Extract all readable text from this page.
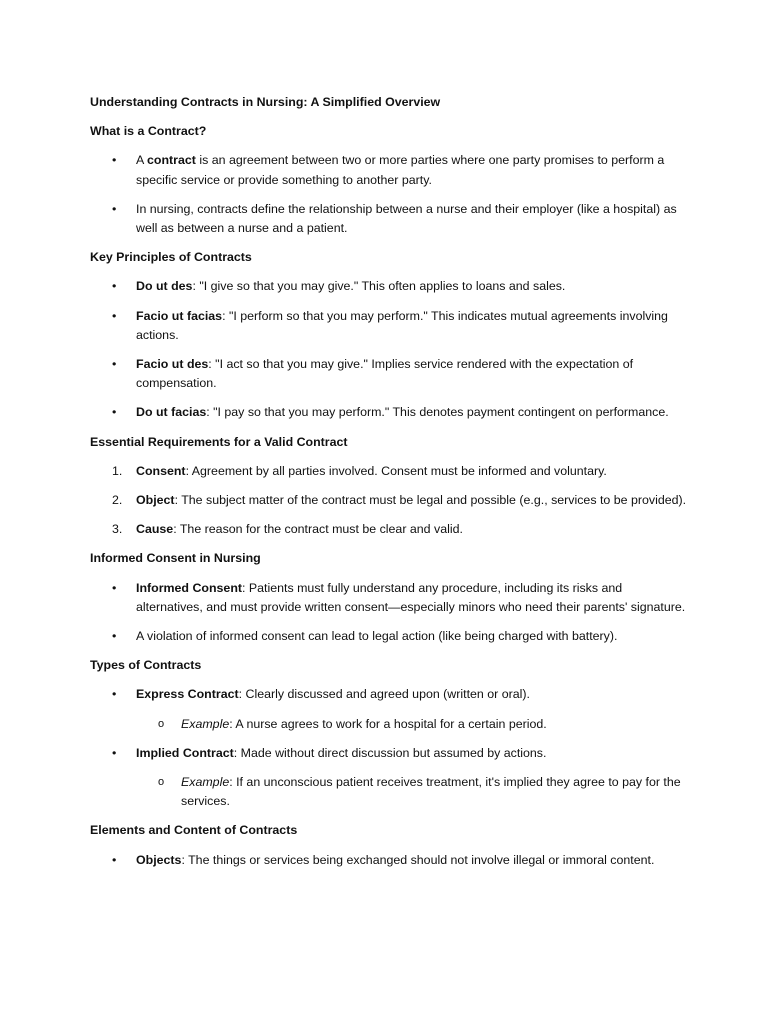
Understanding Contracts in Nursing: A Simplified Overview
What is a Contract?
• A contract is an agreement between two or more parties where one party promises to perform a specific service or provide something to another party.
• In nursing, contracts define the relationship between a nurse and their employer (like a hospital) as well as between a nurse and a patient.
Key Principles of Contracts
• Do ut des: "I give so that you may give." This often applies to loans and sales.
• Facio ut facias: "I perform so that you may perform." This indicates mutual agreements involving actions.
• Facio ut des: "I act so that you may give." Implies service rendered with the expectation of compensation.
• Do ut facias: "I pay so that you may perform." This denotes payment contingent on performance.
Essential Requirements for a Valid Contract
1. Consent: Agreement by all parties involved. Consent must be informed and voluntary.
2. Object: The subject matter of the contract must be legal and possible (e.g., services to be provided).
3. Cause: The reason for the contract must be clear and valid.
Informed Consent in Nursing
• Informed Consent: Patients must fully understand any procedure, including its risks and alternatives, and must provide written consent—especially minors who need their parents' signature.
• A violation of informed consent can lead to legal action (like being charged with battery).
Types of Contracts
• Express Contract: Clearly discussed and agreed upon (written or oral).
o Example: A nurse agrees to work for a hospital for a certain period.
• Implied Contract: Made without direct discussion but assumed by actions.
o Example: If an unconscious patient receives treatment, it's implied they agree to pay for the services.
Elements and Content of Contracts
• Objects: The things or services being exchanged should not involve illegal or immoral content.
